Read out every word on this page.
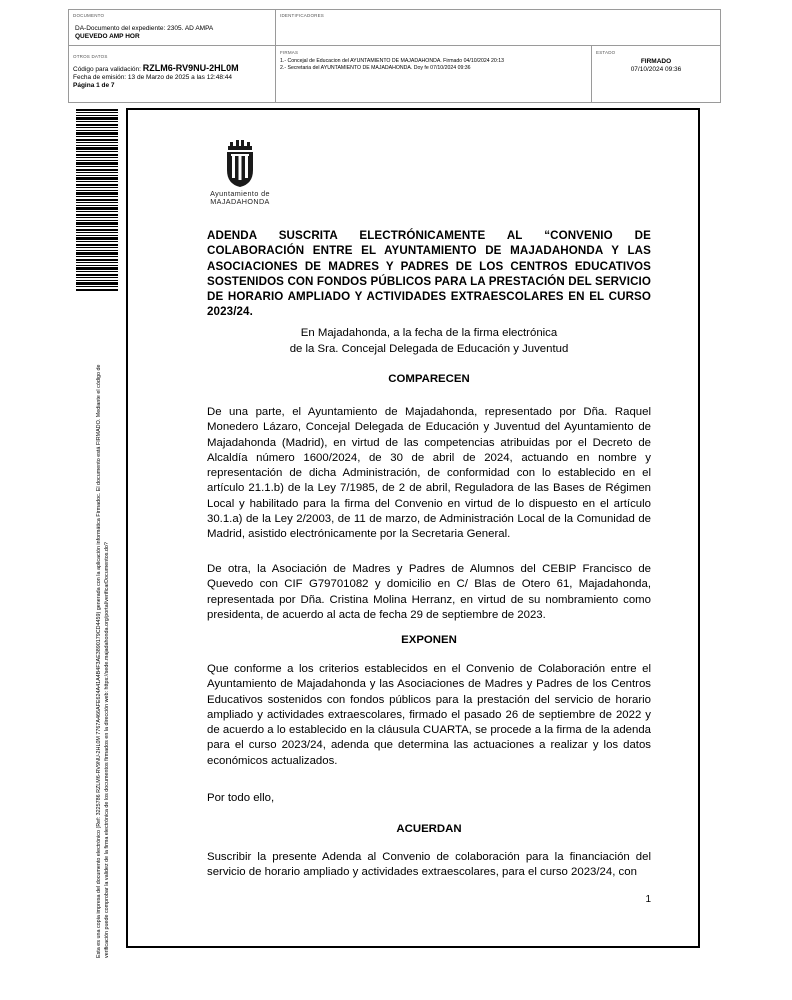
DOCUMENTO
DA-Documento del expediente: 2305. AD AMPA
QUEVEDO AMP HOR
IDENTIFICADORES
OTROS DATOS
Código para validación: RZLM6-RV9NU-2HL0M
Fecha de emisión: 13 de Marzo de 2025 a las 12:48:44
Página 1 de 7
FIRMAS
1.- Concejal de Educacion del AYUNTAMIENTO DE MAJADAHONDA. Firmado 04/10/2024 20:13
2.- Secretaria del AYUNTAMIENTO DE MAJADAHONDA. Doy fe 07/10/2024 09:36
ESTADO
FIRMADO
07/10/2024 09:36
Esta es una copia impresa del documento electrónico (Ref: 3225786 RZLM6-RV9NU-2HL0M 7767A466AFE624A41A4B4F3AE3890179CD4459) generada con la aplicación informática Firmadoc. El documento está FIRMADO. Mediante el código de verificación puede comprobar la validez de la firma electrónica de los documentos firmados en la dirección web: https://sede.majadahonda.org/portal/verificarDocumentos.do?
Ayuntamiento de
MAJADAHONDA
ADENDA SUSCRITA ELECTRÓNICAMENTE AL “CONVENIO DE COLABORACIÓN ENTRE EL AYUNTAMIENTO DE MAJADAHONDA Y LAS ASOCIACIONES DE MADRES Y PADRES DE LOS CENTROS EDUCATIVOS SOSTENIDOS CON FONDOS PÚBLICOS PARA LA PRESTACIÓN DEL SERVICIO DE HORARIO AMPLIADO Y ACTIVIDADES EXTRAESCOLARES EN EL CURSO 2023/24.
En Majadahonda, a la fecha de la firma electrónica
de la Sra. Concejal Delegada de Educación y Juventud
COMPARECEN
De una parte, el Ayuntamiento de Majadahonda, representado por Dña. Raquel Monedero Lázaro, Concejal Delegada de Educación y Juventud del Ayuntamiento de Majadahonda (Madrid), en virtud de las competencias atribuidas por el Decreto de Alcaldía número 1600/2024, de 30 de abril de 2024, actuando en nombre y representación de dicha Administración, de conformidad con lo establecido en el artículo 21.1.b) de la Ley 7/1985, de 2 de abril, Reguladora de las Bases de Régimen Local y habilitado para la firma del Convenio en virtud de lo dispuesto en el artículo 30.1.a) de la Ley 2/2003, de 11 de marzo, de Administración Local de la Comunidad de Madrid, asistido electrónicamente por la Secretaria General.
De otra, la Asociación de Madres y Padres de Alumnos del CEBIP Francisco de Quevedo con CIF G79701082 y domicilio en C/ Blas de Otero 61, Majadahonda, representada por Dña. Cristina Molina Herranz, en virtud de su nombramiento como presidenta, de acuerdo al acta de fecha 29 de septiembre de 2023.
EXPONEN
Que conforme a los criterios establecidos en el Convenio de Colaboración entre el Ayuntamiento de Majadahonda y las Asociaciones de Madres y Padres de los Centros Educativos sostenidos con fondos públicos para la prestación del servicio de horario ampliado y actividades extraescolares, firmado el pasado 26 de septiembre de 2022 y de acuerdo a lo establecido en la cláusula CUARTA, se procede a la firma de la adenda para el curso 2023/24, adenda que determina las actuaciones a realizar y los datos económicos actualizados.
Por todo ello,
ACUERDAN
Suscribir la presente Adenda al Convenio de colaboración para la financiación del servicio de horario ampliado y actividades extraescolares, para el curso 2023/24, con
1
